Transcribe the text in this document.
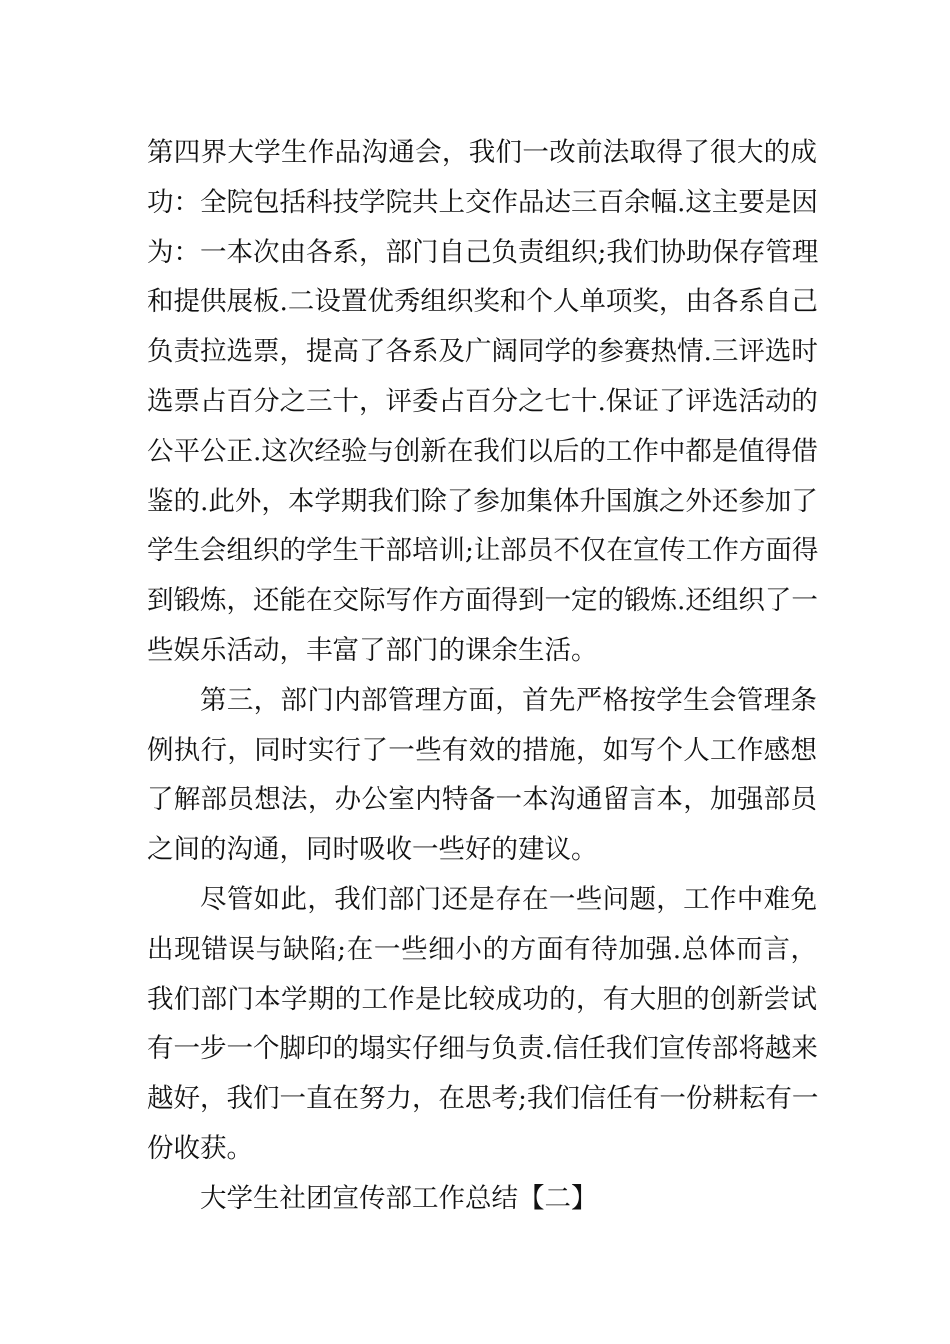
第四界大学生作品沟通会，我们一改前法取得了很大的成
功：全院包括科技学院共上交作品达三百余幅.这主要是因
为：一本次由各系，部门自己负责组织;我们协助保存管理
和提供展板.二设置优秀组织奖和个人单项奖，由各系自己
负责拉选票，提高了各系及广阔同学的参赛热情.三评选时
选票占百分之三十，评委占百分之七十.保证了评选活动的
公平公正.这次经验与创新在我们以后的工作中都是值得借
鉴的.此外，本学期我们除了参加集体升国旗之外还参加了
学生会组织的学生干部培训;让部员不仅在宣传工作方面得
到锻炼，还能在交际写作方面得到一定的锻炼.还组织了一
些娱乐活动，丰富了部门的课余生活。
第三，部门内部管理方面，首先严格按学生会管理条
例执行，同时实行了一些有效的措施，如写个人工作感想
了解部员想法，办公室内特备一本沟通留言本，加强部员
之间的沟通，同时吸收一些好的建议。
尽管如此，我们部门还是存在一些问题，工作中难免
出现错误与缺陷;在一些细小的方面有待加强.总体而言，
我们部门本学期的工作是比较成功的，有大胆的创新尝试
有一步一个脚印的塌实仔细与负责.信任我们宣传部将越来
越好，我们一直在努力，在思考;我们信任有一份耕耘有一
份收获。
大学生社团宣传部工作总结【二】
